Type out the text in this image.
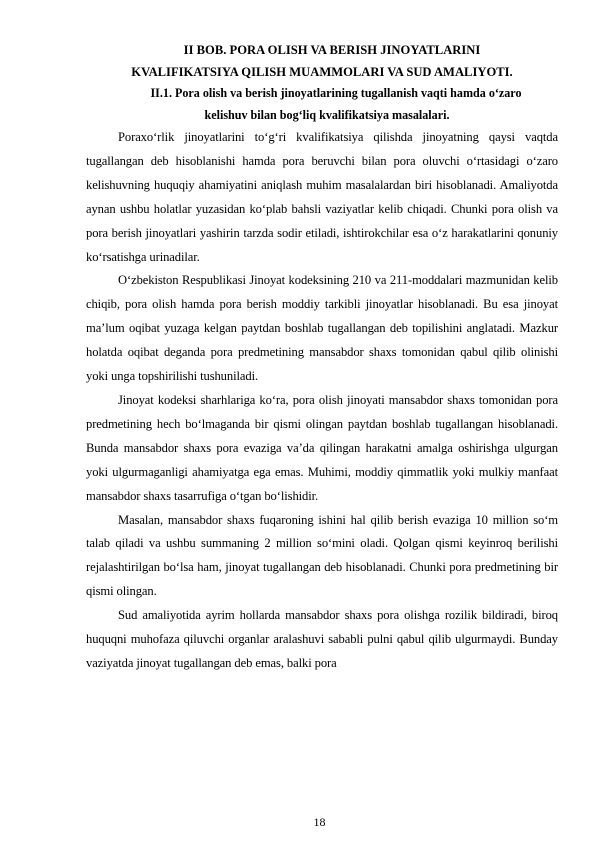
II BOB. PORA OLISH VA BERISH JINOYATLARINI
KVALIFIKATSIYA QILISH MUAMMOLARI VA SUD AMALIYOTI.
II.1. Pora olish va berish jinoyatlarining tugallanish vaqti hamda o‘zaro
kelishuv bilan bog‘liq kvalifikatsiya masalalari.

Poraxo‘rlik jinoyatlarini to‘g‘ri kvalifikatsiya qilishda jinoyatning qaysi vaqtda tugallangan deb hisoblanishi hamda pora beruvchi bilan pora oluvchi o‘rtasidagi o‘zaro kelishuvning huquqiy ahamiyatini aniqlash muhim masalalardan biri hisoblanadi. Amaliyotda aynan ushbu holatlar yuzasidan ko‘plab bahsli vaziyatlar kelib chiqadi. Chunki pora olish va pora berish jinoyatlari yashirin tarzda sodir etiladi, ishtirokchilar esa o‘z harakatlarini qonuniy ko‘rsatishga urinadilar.

O‘zbekiston Respublikasi Jinoyat kodeksining 210 va 211-moddalari mazmunidan kelib chiqib, pora olish hamda pora berish moddiy tarkibli jinoyatlar hisoblanadi. Bu esa jinoyat ma’lum oqibat yuzaga kelgan paytdan boshlab tugallangan deb topilishini anglatadi. Mazkur holatda oqibat deganda pora predmetining mansabdor shaxs tomonidan qabul qilib olinishi yoki unga topshirilishi tushuniladi.

Jinoyat kodeksi sharhlariga ko‘ra, pora olish jinoyati mansabdor shaxs tomonidan pora predmetining hech bo‘lmaganda bir qismi olingan paytdan boshlab tugallangan hisoblanadi. Bunda mansabdor shaxs pora evaziga va’da qilingan harakatni amalga oshirishga ulgurgan yoki ulgurmaganligi ahamiyatga ega emas. Muhimi, moddiy qimmatlik yoki mulkiy manfaat mansabdor shaxs tasarrufiga o‘tgan bo‘lishidir.

Masalan, mansabdor shaxs fuqaroning ishini hal qilib berish evaziga 10 million so‘m talab qiladi va ushbu summaning 2 million so‘mini oladi. Qolgan qismi keyinroq berilishi rejalashtirilgan bo‘lsa ham, jinoyat tugallangan deb hisoblanadi. Chunki pora predmetining bir qismi olingan.

Sud amaliyotida ayrim hollarda mansabdor shaxs pora olishga rozilik bildiradi, biroq huquqni muhofaza qiluvchi organlar aralashuvi sababli pulni qabul qilib ulgurmaydi. Bunday vaziyatda jinoyat tugallangan deb emas, balki pora

18
